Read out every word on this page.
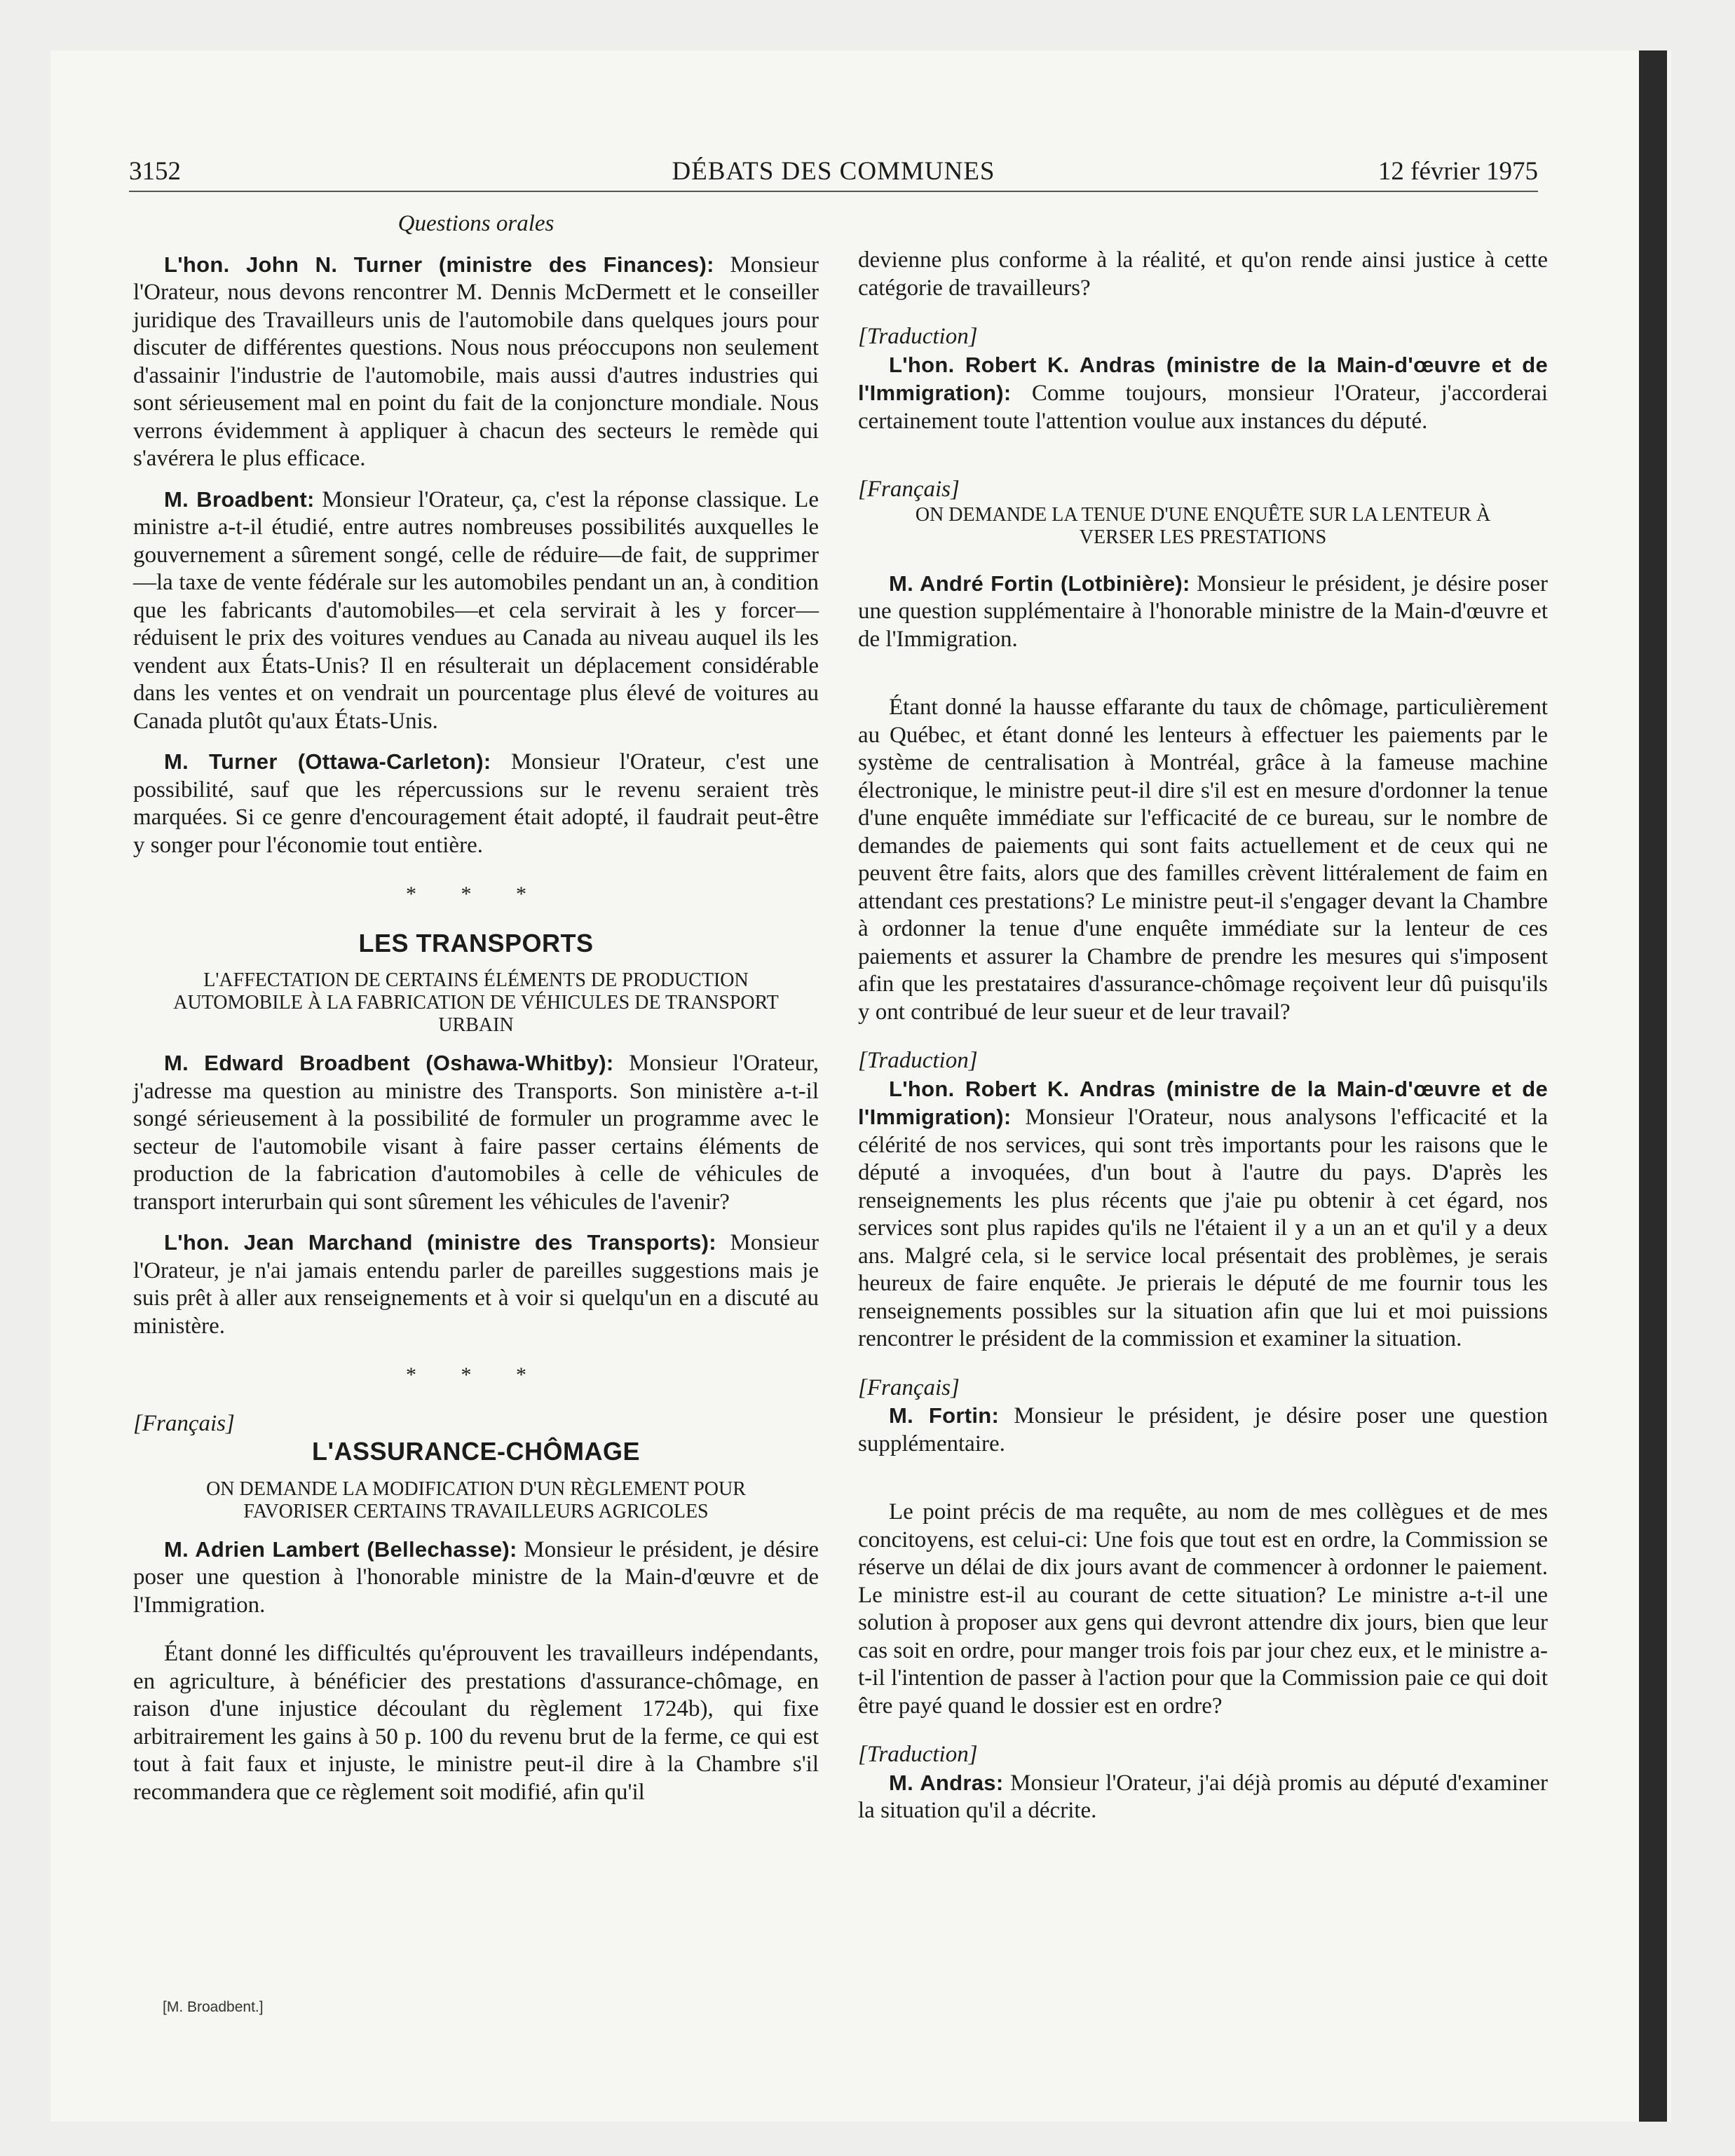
3152	DÉBATS DES COMMUNES	12 février 1975

Questions orales

L'hon. John N. Turner (ministre des Finances): Monsieur l'Orateur, nous devons rencontrer M. Dennis McDermett et le conseiller juridique des Travailleurs unis de l'automobile dans quelques jours pour discuter de différentes questions. Nous nous préoccupons non seulement d'assainir l'industrie de l'automobile, mais aussi d'autres industries qui sont sérieusement mal en point du fait de la conjoncture mondiale. Nous verrons évidemment à appliquer à chacun des secteurs le remède qui s'avérera le plus efficace.

M. Broadbent: Monsieur l'Orateur, ça, c'est la réponse classique. Le ministre a-t-il étudié, entre autres nombreuses possibilités auxquelles le gouvernement a sûrement songé, celle de réduire—de fait, de supprimer—la taxe de vente fédérale sur les automobiles pendant un an, à condition que les fabricants d'automobiles—et cela servirait à les y forcer—réduisent le prix des voitures vendues au Canada au niveau auquel ils les vendent aux États-Unis? Il en résulterait un déplacement considérable dans les ventes et on vendrait un pourcentage plus élevé de voitures au Canada plutôt qu'aux États-Unis.

M. Turner (Ottawa-Carleton): Monsieur l'Orateur, c'est une possibilité, sauf que les répercussions sur le revenu seraient très marquées. Si ce genre d'encouragement était adopté, il faudrait peut-être y songer pour l'économie tout entière.

* * *

LES TRANSPORTS

L'AFFECTATION DE CERTAINS ÉLÉMENTS DE PRODUCTION AUTOMOBILE À LA FABRICATION DE VÉHICULES DE TRANSPORT URBAIN

M. Edward Broadbent (Oshawa-Whitby): Monsieur l'Orateur, j'adresse ma question au ministre des Transports. Son ministère a-t-il songé sérieusement à la possibilité de formuler un programme avec le secteur de l'automobile visant à faire passer certains éléments de production de la fabrication d'automobiles à celle de véhicules de transport interurbain qui sont sûrement les véhicules de l'avenir?

L'hon. Jean Marchand (ministre des Transports): Monsieur l'Orateur, je n'ai jamais entendu parler de pareilles suggestions mais je suis prêt à aller aux renseignements et à voir si quelqu'un en a discuté au ministère.

* * *

[Français]

L'ASSURANCE-CHÔMAGE

ON DEMANDE LA MODIFICATION D'UN RÈGLEMENT POUR FAVORISER CERTAINS TRAVAILLEURS AGRICOLES

M. Adrien Lambert (Bellechasse): Monsieur le président, je désire poser une question à l'honorable ministre de la Main-d'œuvre et de l'Immigration.

Étant donné les difficultés qu'éprouvent les travailleurs indépendants, en agriculture, à bénéficier des prestations d'assurance-chômage, en raison d'une injustice découlant du règlement 1724b), qui fixe arbitrairement les gains à 50 p. 100 du revenu brut de la ferme, ce qui est tout à fait faux et injuste, le ministre peut-il dire à la Chambre s'il recommandera que ce règlement soit modifié, afin qu'il

[M. Broadbent.]

devienne plus conforme à la réalité, et qu'on rende ainsi justice à cette catégorie de travailleurs?

[Traduction]

L'hon. Robert K. Andras (ministre de la Main-d'œuvre et de l'Immigration): Comme toujours, monsieur l'Orateur, j'accorderai certainement toute l'attention voulue aux instances du député.

[Français]

ON DEMANDE LA TENUE D'UNE ENQUÊTE SUR LA LENTEUR À VERSER LES PRESTATIONS

M. André Fortin (Lotbinière): Monsieur le président, je désire poser une question supplémentaire à l'honorable ministre de la Main-d'œuvre et de l'Immigration.

Étant donné la hausse effarante du taux de chômage, particulièrement au Québec, et étant donné les lenteurs à effectuer les paiements par le système de centralisation à Montréal, grâce à la fameuse machine électronique, le ministre peut-il dire s'il est en mesure d'ordonner la tenue d'une enquête immédiate sur l'efficacité de ce bureau, sur le nombre de demandes de paiements qui sont faits actuellement et de ceux qui ne peuvent être faits, alors que des familles crèvent littéralement de faim en attendant ces prestations? Le ministre peut-il s'engager devant la Chambre à ordonner la tenue d'une enquête immédiate sur la lenteur de ces paiements et assurer la Chambre de prendre les mesures qui s'imposent afin que les prestataires d'assurance-chômage reçoivent leur dû puisqu'ils y ont contribué de leur sueur et de leur travail?

[Traduction]

L'hon. Robert K. Andras (ministre de la Main-d'œuvre et de l'Immigration): Monsieur l'Orateur, nous analysons l'efficacité et la célérité de nos services, qui sont très importants pour les raisons que le député a invoquées, d'un bout à l'autre du pays. D'après les renseignements les plus récents que j'aie pu obtenir à cet égard, nos services sont plus rapides qu'ils ne l'étaient il y a un an et qu'il y a deux ans. Malgré cela, si le service local présentait des problèmes, je serais heureux de faire enquête. Je prierais le député de me fournir tous les renseignements possibles sur la situation afin que lui et moi puissions rencontrer le président de la commission et examiner la situation.

[Français]

M. Fortin: Monsieur le président, je désire poser une question supplémentaire.

Le point précis de ma requête, au nom de mes collègues et de mes concitoyens, est celui-ci: Une fois que tout est en ordre, la Commission se réserve un délai de dix jours avant de commencer à ordonner le paiement. Le ministre est-il au courant de cette situation? Le ministre a-t-il une solution à proposer aux gens qui devront attendre dix jours, bien que leur cas soit en ordre, pour manger trois fois par jour chez eux, et le ministre a-t-il l'intention de passer à l'action pour que la Commission paie ce qui doit être payé quand le dossier est en ordre?

[Traduction]

M. Andras: Monsieur l'Orateur, j'ai déjà promis au député d'examiner la situation qu'il a décrite.
